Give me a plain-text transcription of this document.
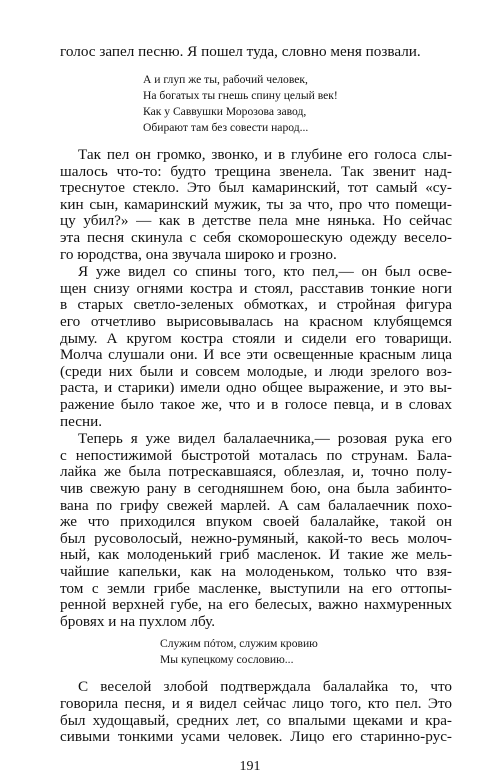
191
голос запел песню. Я пошел туда, словно меня позвали.
А и глуп же ты, рабочий человек,
На богатых ты гнешь спину целый век!
Как у Саввушки Морозова завод,
Обирают там без совести народ...
Так пел он громко, звонко, и в глубине его голоса слы-
шалось что-то: будто трещина звенела. Так звенит над-
треснутое стекло. Это был камаринский, тот самый «су-
кин сын, камаринский мужик, ты за что, про что помещи-
цу убил?» — как в детстве пела мне нянька. Но сейчас
эта песня скинула с себя скоморошескую одежду весело-
го юродства, она звучала широко и грозно.
Я уже видел со спины того, кто пел,— он был освe-
щен снизу огнями костра и стоял, расставив тонкие ноги
в старых светло-зеленых обмотках, и стройная фигура
его отчетливо вырисовывалась на красном клубящемся
дыму. А кругом костра стояли и сидели его товарищи.
Молча слушали они. И все эти освещенные красным лица
(среди них были и совсем молодые, и люди зрелого воз-
раста, и старики) имели одно общее выражение, и это вы-
ражение было такое же, что и в голосе певца, и в словах
песни.
Теперь я уже видел балалаечника,— розовая рука его
с непостижимой быстротой моталась по струнам. Бала-
лайка же была потрескавшаяся, облезлая, и, точно полу-
чив свежую рану в сегодняшнем бою, она была забинто-
вана по грифу свежей марлей. А сам балалаечник похо-
же что приходился впуком своей балалайке, такой он
был русоволосый, нежно-румяный, какой-то весь молоч-
ный, как молоденький гриб масленок. И такие же мель-
чайшие капельки, как на молоденьком, только что взя-
том с земли грибе масленке, выступили на его оттопы-
ренной верхней губе, на его белесых, важно нахмуренных
бровях и на пухлом лбу.
Служим пóтом, служим кровию
Мы купецкому сословию...
С веселой злобой подтверждала балалайка то, что
говорила песня, и я видел сейчас лицо того, кто пел. Это
был худощавый, средних лет, со впалыми щеками и кра-
сивыми тонкими усами человек. Лицо его старинно-рус-
